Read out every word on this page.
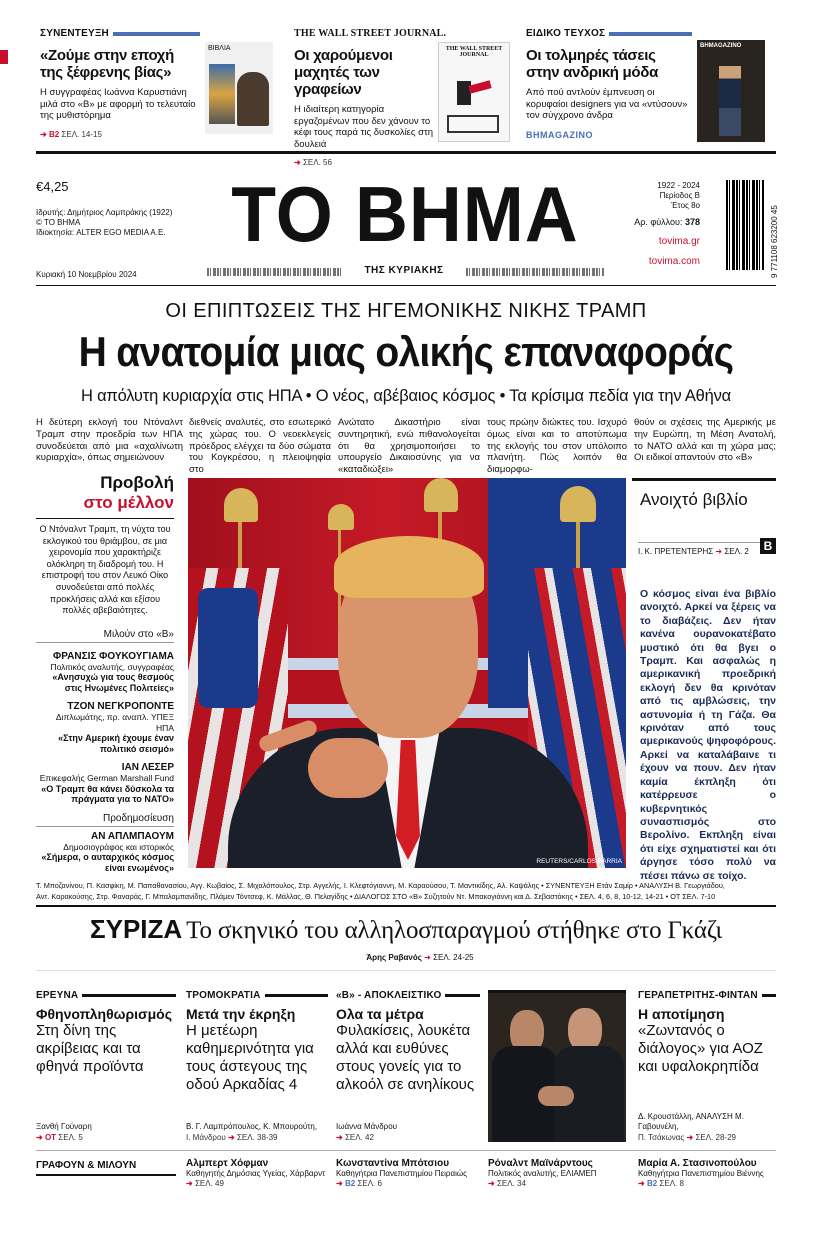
ΣΥΝΕΝΤΕΥΞΗ
«Ζούμε στην εποχή της ξέφρενης βίας»

Η συγγραφέας Ιωάννα Καρυστιάνη μιλά στο «Β» με αφορμή το τελευταίο της μυθιστόρημα

➜ B2 ΣΕΛ. 14-15
ΒΙΒΛΙΑ
THE WALL STREET JOURNAL.
Οι χαρούμενοι μαχητές των γραφείων

Η ιδιαίτερη κατηγορία εργαζομένων που δεν χάνουν το κέφι τους παρά τις δυσκολίες στη δουλειά

➜ ΣΕΛ. 56
THE WALL STREET JOURNAL
ΕΙΔΙΚΟ ΤΕΥΧΟΣ
Οι τολμηρές τάσεις στην ανδρική μόδα

Από πού αντλούν έμπνευση οι κορυφαίοι designers για να «ντύσουν» τον σύγχρονο άνδρα

ΒΗΜΑGAZINO
ΒΗΜΑGAZINO
€4,25
Ιδρυτής: Δημήτριος Λαμπράκης (1922)
© ΤΟ ΒΗΜΑ
Ιδιοκτησία: ALTER EGO MEDIA A.E.
Κυριακή 10 Νοεμβρίου 2024
ΤΟ ΒΗΜΑ
ΤΗΣ ΚΥΡΙΑΚΗΣ
1922 - 2024
Περίοδος Β
Έτος 8ο
Αρ. φύλλου: 378
tovima.gr
tovima.com	9 771108 623200 45
ΟΙ ΕΠΙΠΤΩΣΕΙΣ ΤΗΣ ΗΓΕΜΟΝΙΚΗΣ ΝΙΚΗΣ ΤΡΑΜΠ
Η ανατομία μιας ολικής επαναφοράς
Η απόλυτη κυριαρχία στις ΗΠΑ • Ο νέος, αβέβαιος κόσμος • Τα κρίσιμα πεδία για την Αθήνα
Η δεύτερη εκλογή του Ντόναλντ Τραμπ στην προεδρία των ΗΠΑ συνοδεύεται από μια «αχαλίνωτη κυριαρχία», όπως σημειώνουν
διεθνείς αναλυτές, στο εσωτερικό της χώρας του. Ο νεοεκλεγείς πρόεδρος ελέγχει τα δύο σώματα του Κογκρέσου, η πλειοψηφία στο
Ανώτατο Δικαστήριο είναι συντηρητική, ενώ πιθανολογείται ότι θα χρησιμοποιήσει το υπουργείο Δικαιοσύνης για να «καταδιώξει»
τους πρώην διώκτες του. Ισχυρό όμως είναι και το αποτύπωμα της εκλογής του στον υπόλοιπο πλανήτη. Πώς λοιπόν θα διαμορφω-
θούν οι σχέσεις της Αμερικής με την Ευρώπη, τη Μέση Ανατολή, το ΝΑΤΟ αλλά και τη χώρα μας; Οι ειδικοί απαντούν στο «Β»
Προβολή
στο μέλλον
Ο Ντόναλντ Τραμπ, τη νύχτα του εκλογικού του θριάμβου, σε μια χειρονομία που χαρακτήριζε ολόκληρη τη διαδρομή του. Η επιστροφή του στον Λευκό Οίκο συνοδεύεται από πολλές προκλήσεις αλλά και εξίσου πολλές αβεβαιότητες.
Μιλούν στο «Β»
ΦΡΑΝΣΙΣ ΦΟΥΚΟΥΓΙΑΜΑ
Πολιτικός αναλυτής, συγγραφέας
«Ανησυχώ για τους θεσμούς στις Ηνωμένες Πολιτείες»
ΤΖΟΝ ΝΕΓΚΡΟΠΟΝΤΕ
Διπλωμάτης, πρ. αναπλ. ΥΠΕΞ ΗΠΑ
«Στην Αμερική έχουμε έναν πολιτικό σεισμό»
ΙΑΝ ΛΕΣΕΡ
Επικεφαλής German Marshall Fund
«Ο Τραμπ θα κάνει δύσκολα τα πράγματα για το ΝΑΤΟ»
Προδημοσίευση
ΑΝ ΑΠΛΜΠΑΟΥΜ
Δημοσιογράφος και ιστορικός
«Σήμερα, ο αυταρχικός κόσμος είναι ενωμένος»
REUTERS/CARLOS BARRIA
Ανοιχτό βιβλίο
Ι. Κ. ΠΡΕΤΕΝΤΕΡΗΣ ➜ ΣΕΛ. 2	B
Ο κόσμος είναι ένα βιβλίο ανοιχτό. Αρκεί να ξέρεις να το διαβάζεις. Δεν ήταν κανένα ουρανοκατέβατο μυστικό ότι θα βγει ο Τραμπ. Και ασφαλώς η αμερικανική προεδρική εκλογή δεν θα κρινόταν από τις αμβλώσεις, την αστυνομία ή τη Γάζα. Θα κρινόταν από τους αμερικανούς ψηφοφόρους. Αρκεί να καταλάβαινε τι έχουν να πουν. Δεν ήταν καμία έκπληξη ότι κατέρρευσε ο κυβερνητικός συνασπισμός στο Βερολίνο. Εκπληξη είναι ότι είχε σχηματιστεί και ότι άργησε τόσο πολύ να πέσει πάνω σε τοίχο.
Τ. Μποζανίνου, Π. Κασφίκη, Μ. Παπαθανασίου, Αγγ. Κωβαίος, Σ. Μιχαλόπουλος, Στρ. Αγγελής, Ι. Κλεφτόγιαννη, Μ. Καραούσου, Τ. Μαντικίδης, Αλ. Καψάλης • ΣΥΝΕΝΤΕΥΞΗ Ετάν Σαμίρ • ΑΝΑΛΥΣΗ Β. Γεωργιάδου,
Αντ. Καρακούσης, Στρ. Φαναράς, Γ. Μπαλαμπανίδης, Πλάμεν Τόντσεφ, Κ. Μάλλας, Θ. Πελαγίδης • ΔΙΑΛΟΓΟΣ ΣΤΟ «Β» Συζητούν Ντ. Μπακογιάννη και Δ. Σεβαστάκης • ΣΕΛ. 4, 6, 8, 10-12, 14-21 • ΟΤ ΣΕΛ. 7-10
ΣΥΡΙΖΑ Το σκηνικό του αλληλοσπαραγμού στήθηκε στο Γκάζι
Άρης Ραβανός ➜ ΣΕΛ. 24-25
ΕΡΕΥΝΑ
Φθηνοπληθωρισμός
Στη δίνη της ακρίβειας και τα φθηνά προϊόντα
Ξανθή Γούναρη
➜ ΟΤ ΣΕΛ. 5
ΤΡΟΜΟΚΡΑΤΙΑ
Μετά την έκρηξη
Η μετέωρη καθημερινότητα για τους άστεγους της οδού Αρκαδίας 4
Β. Γ. Λαμπρόπουλος, Κ. Μπουρούτη,
Ι. Μάνδρου ➜ ΣΕΛ. 38-39
«Β» - ΑΠΟΚΛΕΙΣΤΙΚΟ
Ολα τα μέτρα
Φυλακίσεις, λουκέτα αλλά και ευθύνες στους γονείς για το αλκοόλ σε ανηλίκους
Ιωάννα Μάνδρου
➜ ΣΕΛ. 42
ΓΕΡΑΠΕΤΡΙΤΗΣ-ΦΙΝΤΑΝ
Η αποτίμηση
«Ζωντανός ο διάλογος» για ΑΟΖ και υφαλοκρηπίδα
Δ. Κρουστάλλη, ΑΝΑΛΥΣΗ Μ. Γαβουνέλη,
Π. Τσάκωνας ➜ ΣΕΛ. 28-29
ΓΡΑΦΟΥΝ & ΜΙΛΟΥΝ	Αλμπερτ Χόφμαν
Καθηγητής Δημόσιας Υγείας, Χάρβαρντ
➜ ΣΕΛ. 49
Κωνσταντίνα Μπότσιου
Καθηγήτρια Πανεπιστημίου Πειραιώς
➜ B2 ΣΕΛ. 6
Ρόναλντ Μαϊνάρντους
Πολιτικός αναλυτής, ΕΛΙΑΜΕΠ
➜ ΣΕΛ. 34
Μαρία Α. Στασινοπούλου
Καθηγήτρια Πανεπιστημίου Βιέννης
➜ B2 ΣΕΛ. 8
